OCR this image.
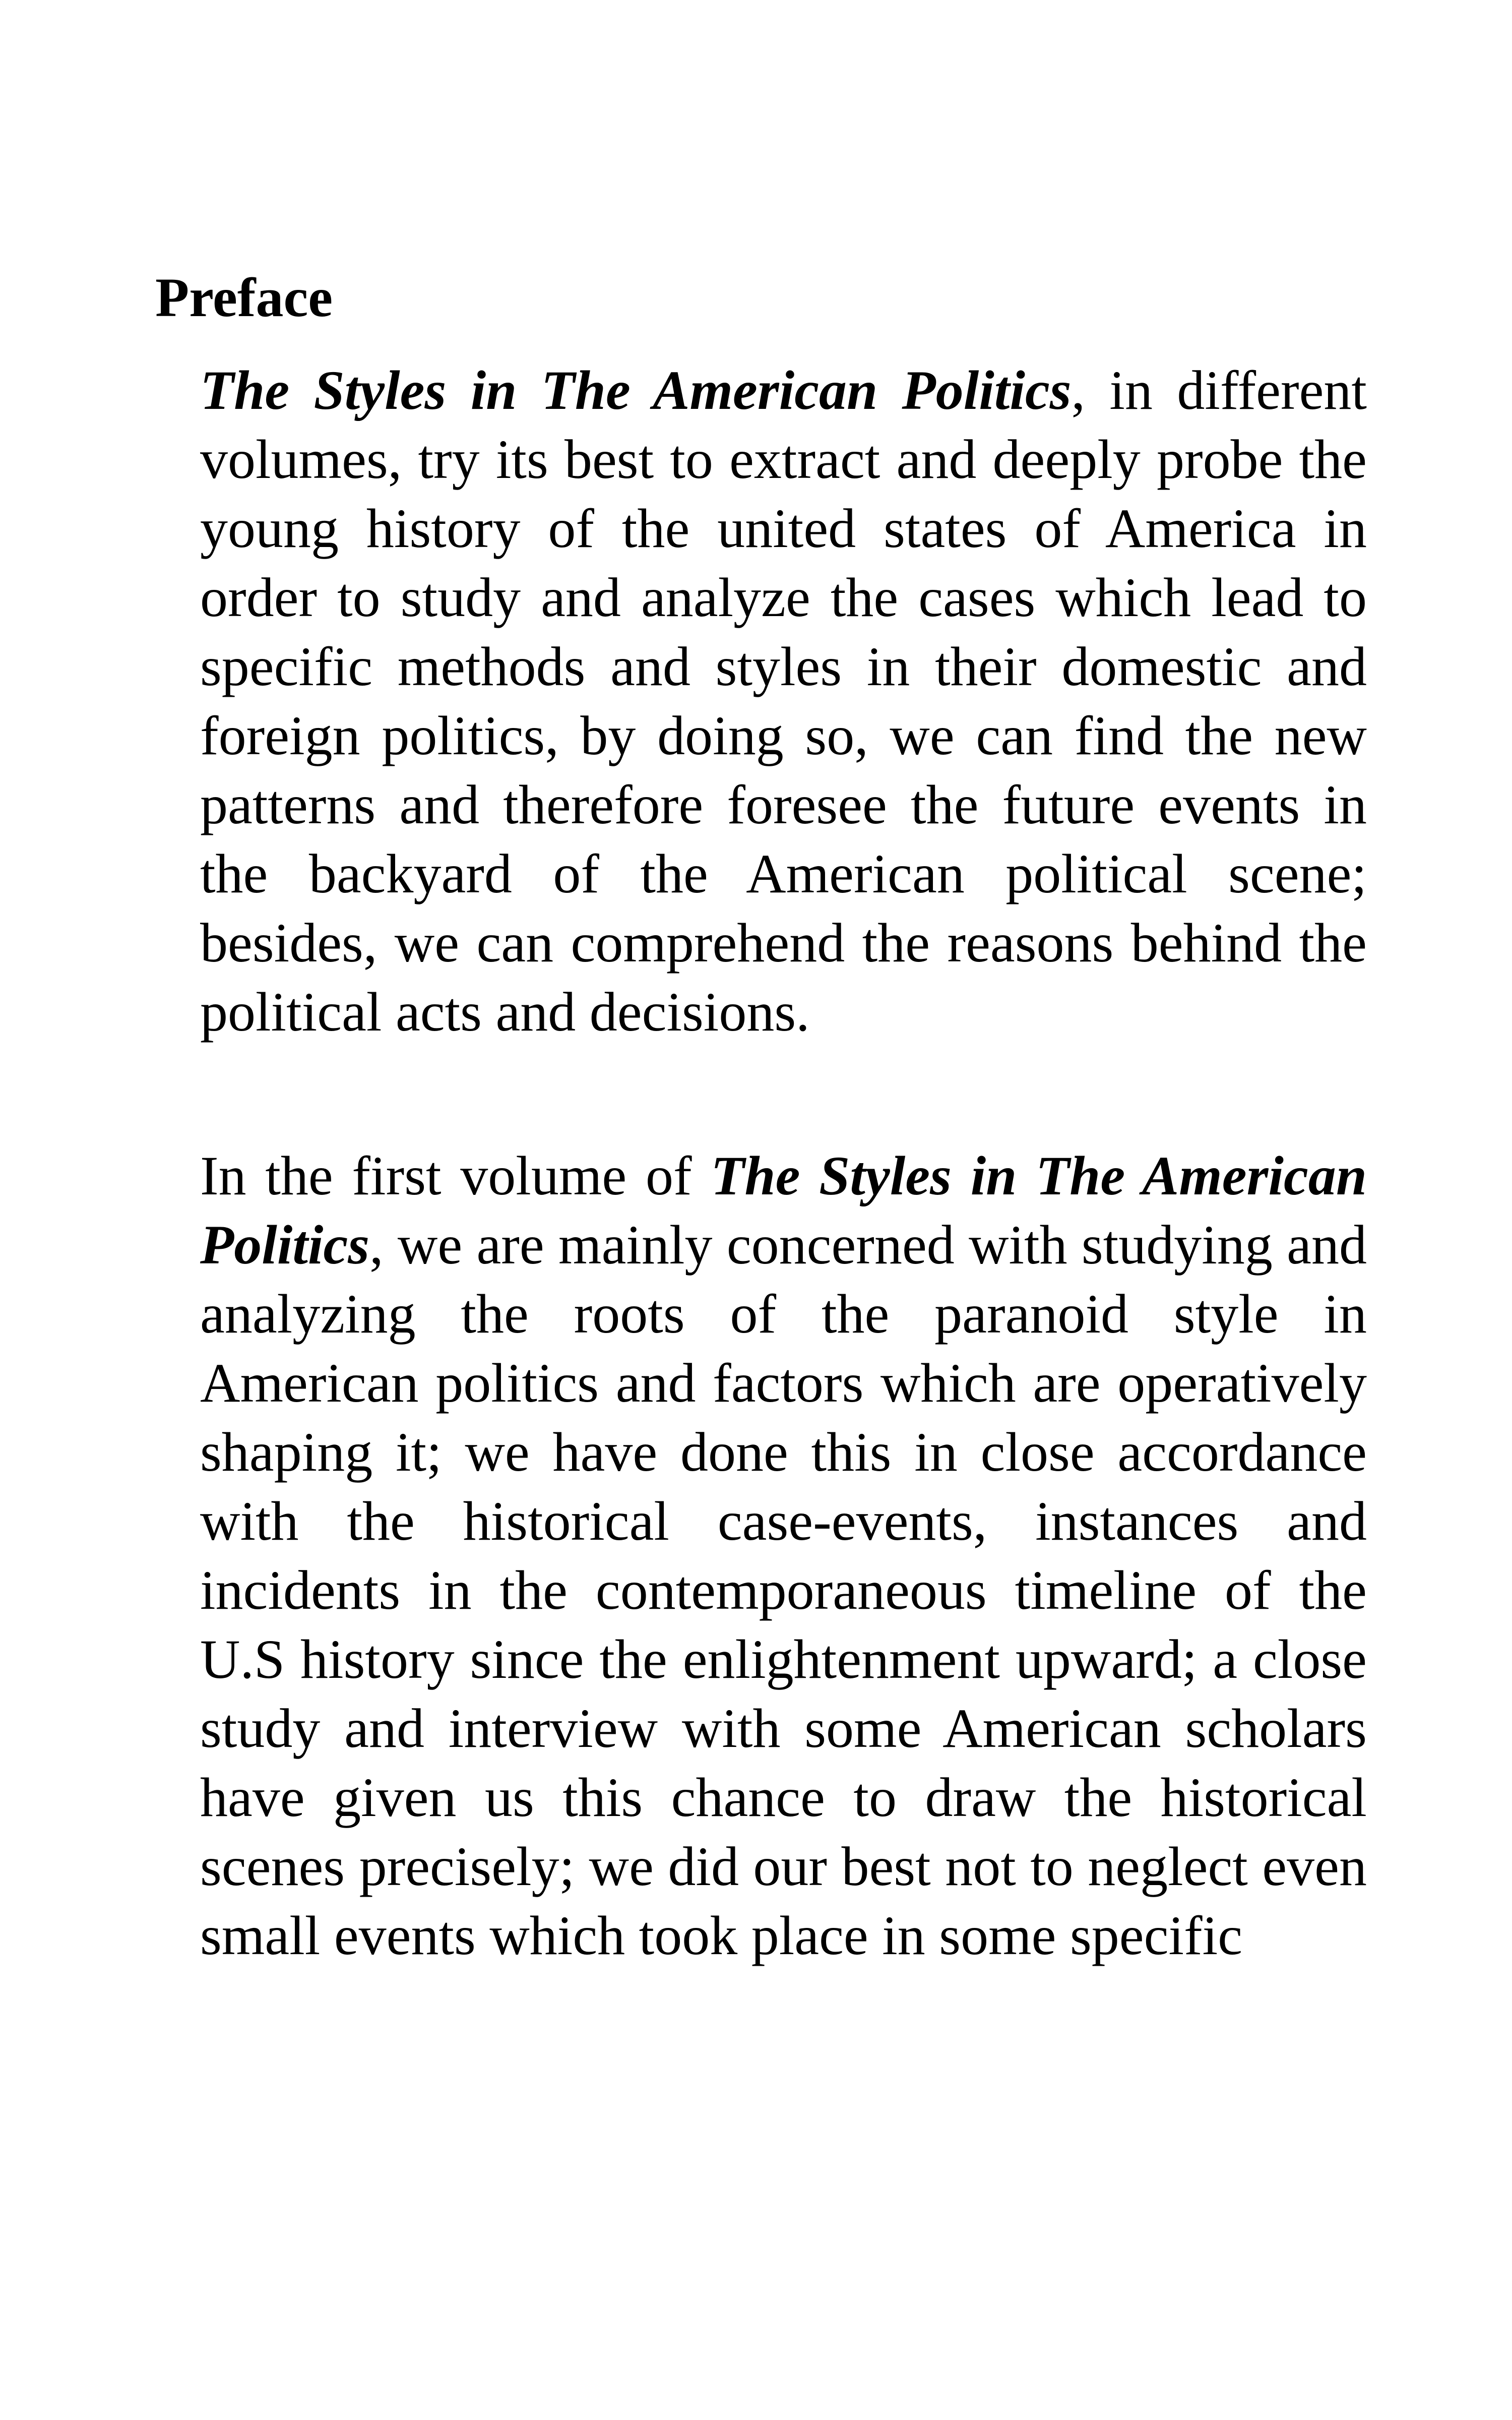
Preface

The Styles in The American Politics, in different volumes, try its best to extract and deeply probe the young history of the united states of America in order to study and analyze the cases which lead to specific methods and styles in their domestic and foreign politics, by doing so, we can find the new patterns and therefore foresee the future events in the backyard of the American political scene; besides, we can comprehend the reasons behind the political acts and decisions.

In the first volume of The Styles in The American Politics, we are mainly concerned with studying and analyzing the roots of the paranoid style in American politics and factors which are operatively shaping it; we have done this in close accordance with the historical case-events, instances and incidents in the contemporaneous timeline of the U.S history since the enlightenment upward; a close study and interview with some American scholars have given us this chance to draw the historical scenes precisely; we did our best not to neglect even small events which took place in some specific
